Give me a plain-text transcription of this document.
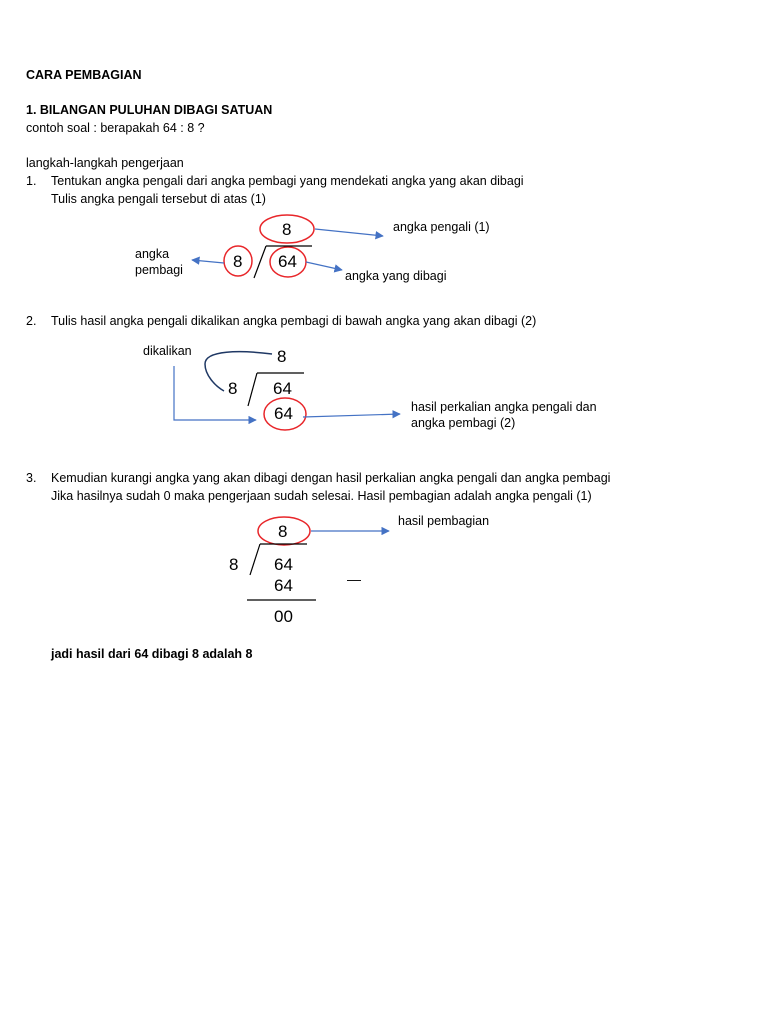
CARA PEMBAGIAN
1. BILANGAN PULUHAN DIBAGI SATUAN
contoh soal : berapakah 64 : 8 ?
langkah-langkah pengerjaan
1. Tentukan angka pengali dari angka pembagi yang mendekati angka yang akan dibagi
Tulis angka pengali tersebut di atas (1)
8
8 64
angka pengali (1)
angka
pembagi	angka yang dibagi
2. Tulis hasil angka pengali dikalikan angka pembagi di bawah angka yang akan dibagi (2)
dikalikan	8
8 64
64	hasil perkalian angka pengali dan
angka pembagi (2)
3. Kemudian kurangi angka yang akan dibagi dengan hasil perkalian angka pengali dan angka pembagi
Jika hasilnya sudah 0 maka pengerjaan sudah selesai. Hasil pembagian adalah angka pengali (1)
hasil pembagian
8
8 64
64	—
00
jadi hasil dari 64 dibagi 8 adalah 8
